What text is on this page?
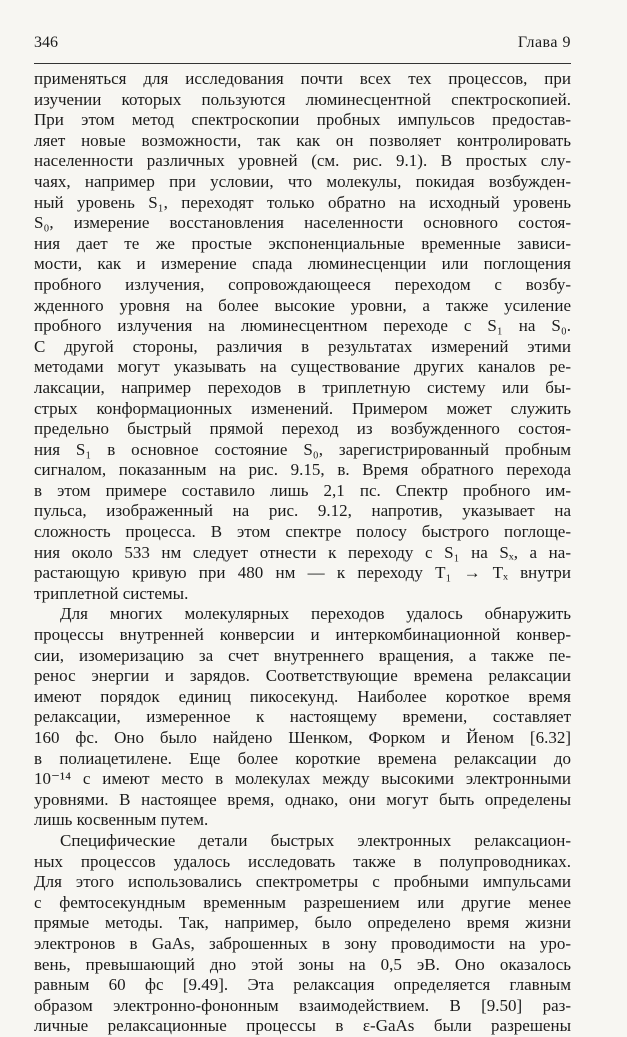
346	Глава 9
применяться для исследования почти всех тех процессов, при
изучении которых пользуются люминесцентной спектроскопией.
При этом метод спектроскопии пробных импульсов предостав-
ляет новые возможности, так как он позволяет контролировать
населенности различных уровней (см. рис. 9.1). В простых слу-
чаях, например при условии, что молекулы, покидая возбужден-
ный уровень S₁, переходят только обратно на исходный уровень
S₀, измерение восстановления населенности основного состоя-
ния дает те же простые экспоненциальные временные зависи-
мости, как и измерение спада люминесценции или поглощения
пробного излучения, сопровождающееся переходом с возбу-
жденного уровня на более высокие уровни, а также усиление
пробного излучения на люминесцентном переходе с S₁ на S₀.
С другой стороны, различия в результатах измерений этими
методами могут указывать на существование других каналов ре-
лаксации, например переходов в триплетную систему или бы-
стрых конформационных изменений. Примером может служить
предельно быстрый прямой переход из возбужденного состоя-
ния S₁ в основное состояние S₀, зарегистрированный пробным
сигналом, показанным на рис. 9.15, в. Время обратного перехода
в этом примере составило лишь 2,1 пс. Спектр пробного им-
пульса, изображенный на рис. 9.12, напротив, указывает на
сложность процесса. В этом спектре полосу быстрого поглоще-
ния около 533 нм следует отнести к переходу с S₁ на Sₓ, а на-
растающую кривую при 480 нм — к переходу T₁ → Tₓ внутри
триплетной системы.
Для многих молекулярных переходов удалось обнаружить
процессы внутренней конверсии и интеркомбинационной конвер-
сии, изомеризацию за счет внутреннего вращения, а также пе-
ренос энергии и зарядов. Соответствующие времена релаксации
имеют порядок единиц пикосекунд. Наиболее короткое время
релаксации, измеренное к настоящему времени, составляет
160 фс. Оно было найдено Шенком, Форком и Йеном [6.32]
в полиацетилене. Еще более короткие времена релаксации до
10⁻¹⁴ с имеют место в молекулах между высокими электронными
уровнями. В настоящее время, однако, они могут быть определены
лишь косвенным путем.
Специфические детали быстрых электронных релаксацион-
ных процессов удалось исследовать также в полупроводниках.
Для этого использовались спектрометры с пробными импульсами
с фемтосекундным временным разрешением или другие менее
прямые методы. Так, например, было определено время жизни
электронов в GaAs, заброшенных в зону проводимости на уро-
вень, превышающий дно этой зоны на 0,5 эВ. Оно оказалось
равным 60 фс [9.49]. Эта релаксация определяется главным
образом электронно-фононным взаимодействием. В [9.50] раз-
личные релаксационные процессы в ε-GaAs были разрешены
